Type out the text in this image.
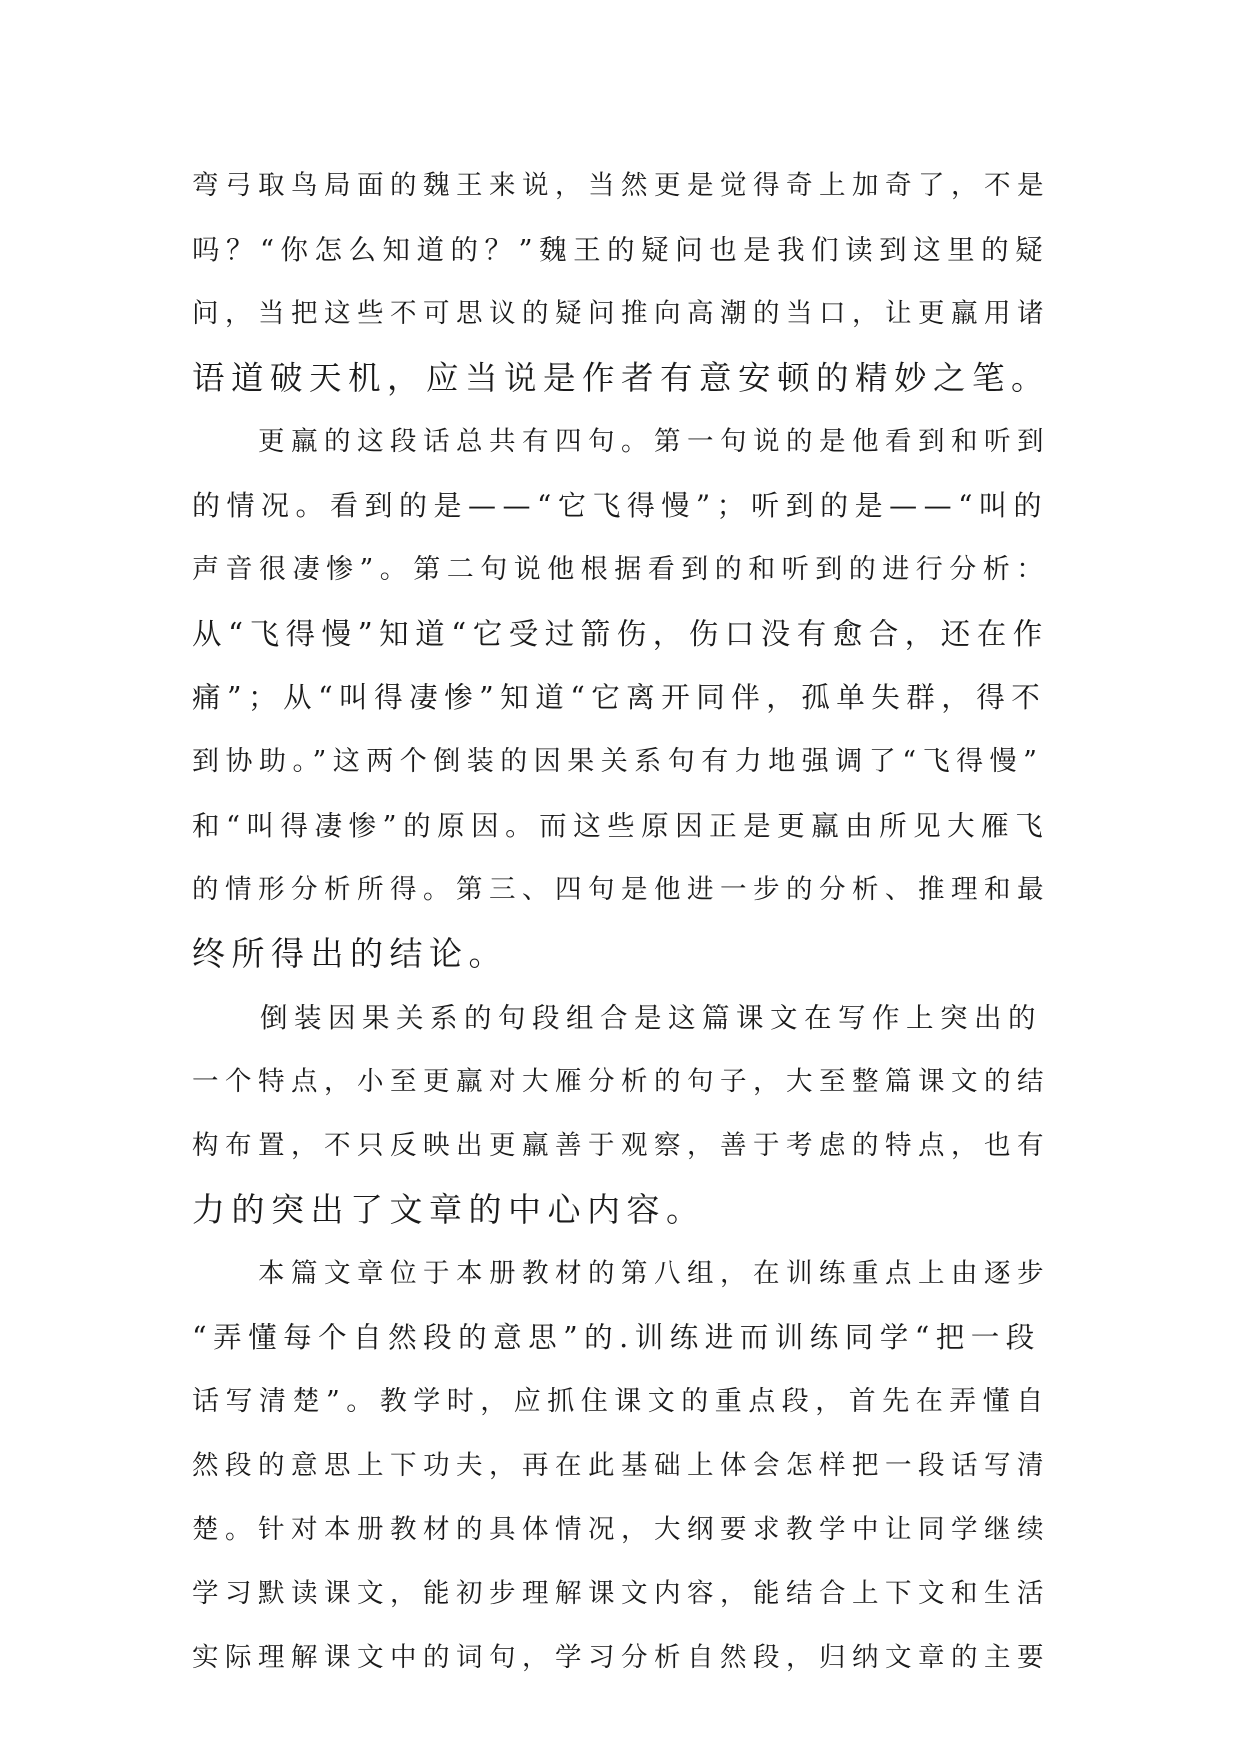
弯弓取鸟局面的魏王来说，当然更是觉得奇上加奇了，不是
吗？“你怎么知道的？”魏王的疑问也是我们读到这里的疑
问，当把这些不可思议的疑问推向高潮的当口，让更羸用诸
语道破天机，应当说是作者有意安顿的精妙之笔。
　　更羸的这段话总共有四句。第一句说的是他看到和听到
的情况。看到的是——“它飞得慢”；听到的是——“叫的
声音很凄惨”。第二句说他根据看到的和听到的进行分析：
从“飞得慢”知道“它受过箭伤，伤口没有愈合，还在作
痛”；从“叫得凄惨”知道“它离开同伴，孤单失群，得不
到协助。”这两个倒装的因果关系句有力地强调了“飞得慢”
和“叫得凄惨”的原因。而这些原因正是更羸由所见大雁飞
的情形分析所得。第三、四句是他进一步的分析、推理和最
终所得出的结论。
　　倒装因果关系的句段组合是这篇课文在写作上突出的
一个特点，小至更羸对大雁分析的句子，大至整篇课文的结
构布置，不只反映出更羸善于观察，善于考虑的特点，也有
力的突出了文章的中心内容。
　　本篇文章位于本册教材的第八组，在训练重点上由逐步
“弄懂每个自然段的意思”的.训练进而训练同学“把一段
话写清楚”。教学时，应抓住课文的重点段，首先在弄懂自
然段的意思上下功夫，再在此基础上体会怎样把一段话写清
楚。针对本册教材的具体情况，大纲要求教学中让同学继续
学习默读课文，能初步理解课文内容，能结合上下文和生活
实际理解课文中的词句，学习分析自然段，归纳文章的主要
